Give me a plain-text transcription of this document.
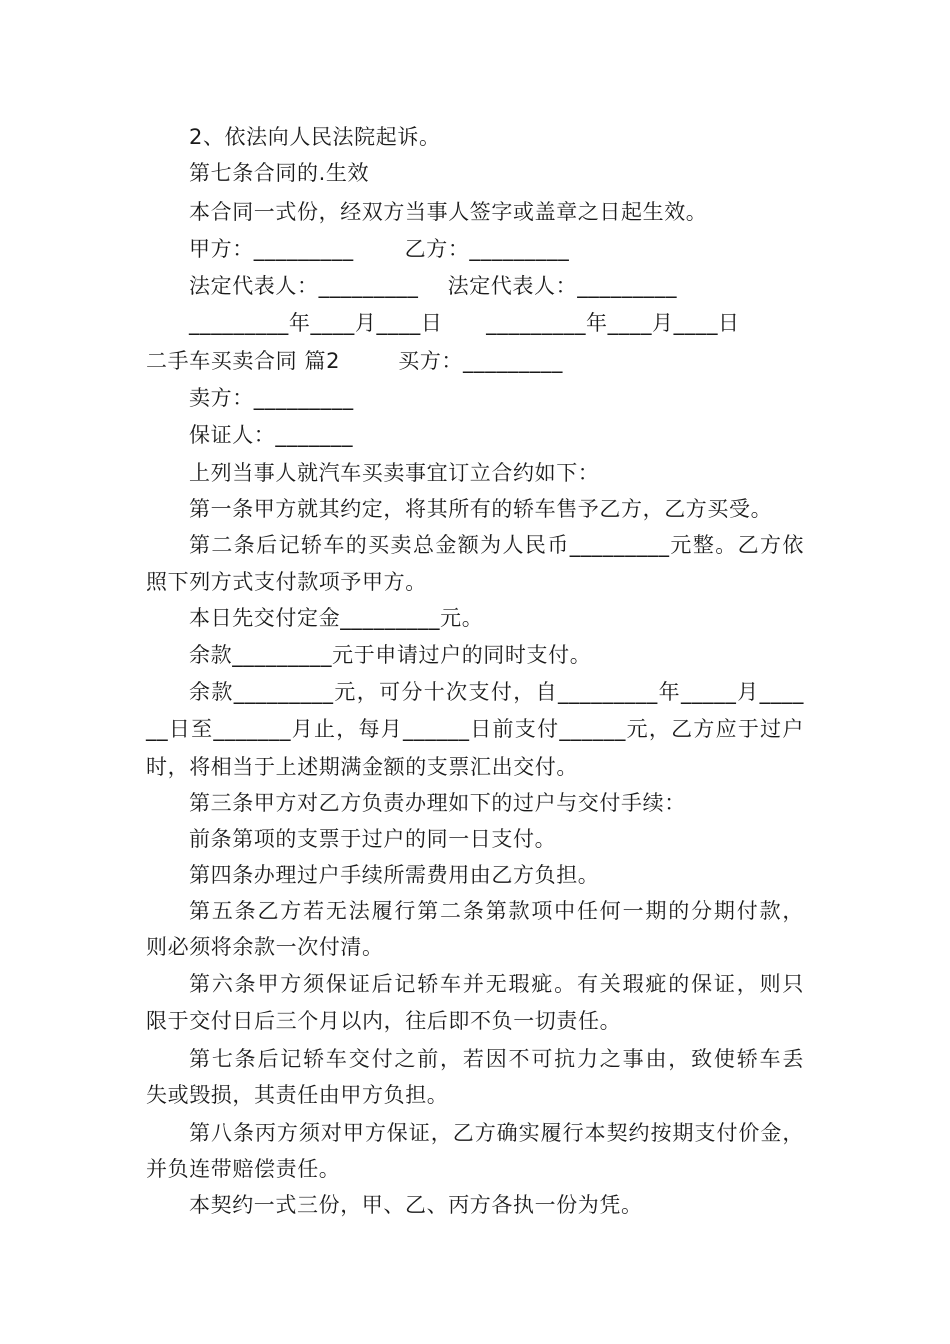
2、依法向人民法院起诉。
第七条合同的.生效
本合同一式份，经双方当事人签字或盖章之日起生效。
甲方：_________       乙方：_________
法定代表人：_________    法定代表人：_________
_________年____月____日      _________年____月____日
二手车买卖合同 篇2        买方：_________
卖方：_________
保证人：_______
上列当事人就汽车买卖事宜订立合约如下：
第一条甲方就其约定，将其所有的轿车售予乙方，乙方买受。
第二条后记轿车的买卖总金额为人民币_________元整。乙方依
照下列方式支付款项予甲方。
本日先交付定金_________元。
余款_________元于申请过户的同时支付。
余款_________元，可分十次支付，自_________年_____月____
__日至_______月止，每月______日前支付______元，乙方应于过户
时，将相当于上述期满金额的支票汇出交付。
第三条甲方对乙方负责办理如下的过户与交付手续：
前条第项的支票于过户的同一日支付。
第四条办理过户手续所需费用由乙方负担。
第五条乙方若无法履行第二条第款项中任何一期的分期付款，
则必须将余款一次付清。
第六条甲方须保证后记轿车并无瑕疵。有关瑕疵的保证，则只
限于交付日后三个月以内，往后即不负一切责任。
第七条后记轿车交付之前，若因不可抗力之事由，致使轿车丢
失或毁损，其责任由甲方负担。
第八条丙方须对甲方保证，乙方确实履行本契约按期支付价金，
并负连带赔偿责任。
本契约一式三份，甲、乙、丙方各执一份为凭。
